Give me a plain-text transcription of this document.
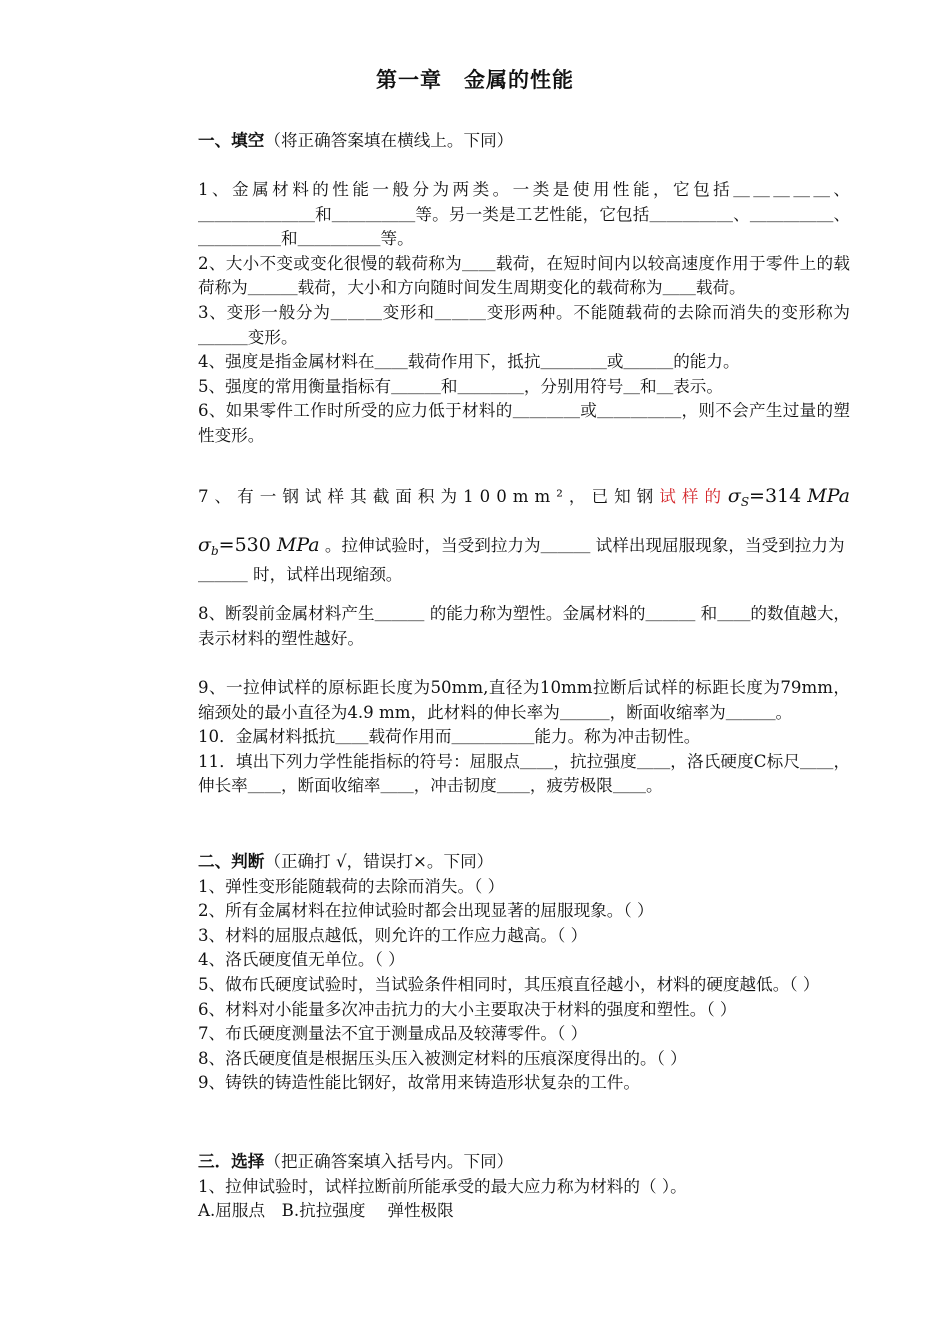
第一章　金属的性能

一、填空（将正确答案填在横线上。下同）

1、金属材料的性能一般分为两类。一类是使用性能，它包括＿＿＿＿＿、＿＿＿＿＿＿＿和＿＿＿＿＿等。另一类是工艺性能，它包括＿＿＿＿＿、＿＿＿＿＿、＿＿＿＿＿和＿＿＿＿＿等。

2、大小不变或变化很慢的载荷称为＿＿载荷，在短时间内以较高速度作用于零件上的载荷称为＿＿＿载荷，大小和方向随时间发生周期变化的载荷称为＿＿载荷。

3、变形一般分为＿＿＿变形和＿＿＿变形两种。不能随载荷的去除而消失的变形称为＿＿＿变形。

4、强度是指金属材料在＿＿载荷作用下，抵抗＿＿＿＿或＿＿＿的能力。

5、强度的常用衡量指标有＿＿＿和＿＿＿＿，分别用符号＿和＿表示。

6、如果零件工作时所受的应力低于材料的＿＿＿＿或＿＿＿＿＿，则不会产生过量的塑性变形。

7、有一钢试样其截面积为100mm²，已知钢试样的 $\sigma_S=314$ MPa

$\sigma_b=530$ MPa 。拉伸试验时，当受到拉力为＿＿＿ 试样出现屈服现象，当受到拉力为＿＿＿ 时，试样出现缩颈。

8、断裂前金属材料产生＿＿＿ 的能力称为塑性。金属材料的＿＿＿ 和＿＿的数值越大，表示材料的塑性越好。

9、一拉伸试样的原标距长度为50mm,直径为10mm拉断后试样的标距长度为79mm，缩颈处的最小直径为4.9 mm，此材料的伸长率为＿＿＿，断面收缩率为＿＿＿。

10．金属材料抵抗＿＿载荷作用而＿＿＿＿＿能力。称为冲击韧性。

11．填出下列力学性能指标的符号：屈服点＿＿，抗拉强度＿＿，洛氏硬度C标尺＿＿，伸长率＿＿，断面收缩率＿＿，冲击韧度＿＿，疲劳极限＿＿。

二、判断（正确打 √，错误打×。下同）

1、弹性变形能随载荷的去除而消失。（ ）

2、所有金属材料在拉伸试验时都会出现显著的屈服现象。（ ）

3、材料的屈服点越低，则允许的工作应力越高。（ ）

4、洛氏硬度值无单位。（ ）

5、做布氏硬度试验时，当试验条件相同时，其压痕直径越小，材料的硬度越低。（ ）

6、材料对小能量多次冲击抗力的大小主要取决于材料的强度和塑性。（ ）

7、布氏硬度测量法不宜于测量成品及较薄零件。（ ）

8、洛氏硬度值是根据压头压入被测定材料的压痕深度得出的。（ ）

9、铸铁的铸造性能比钢好，故常用来铸造形状复杂的工件。

三．选择（把正确答案填入括号内。下同）

1、拉伸试验时，试样拉断前所能承受的最大应力称为材料的（ ）。

A.屈服点　B.抗拉强度　 弹性极限
